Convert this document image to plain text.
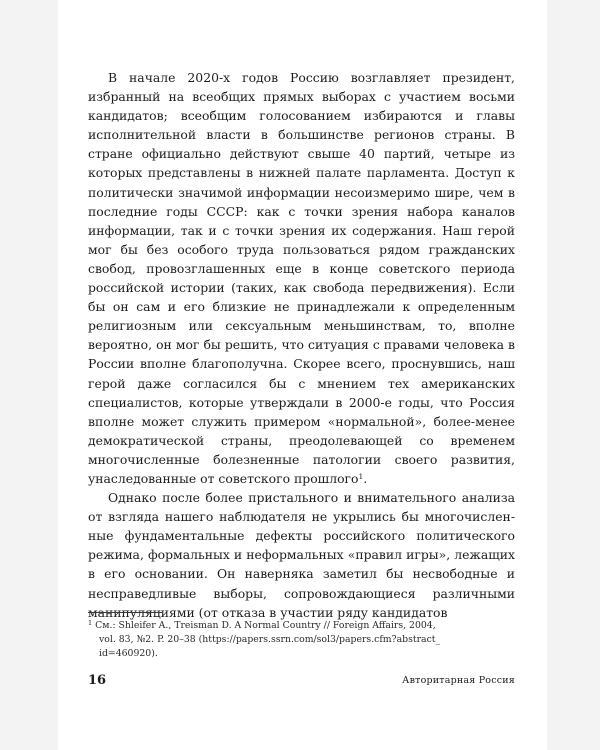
В начале 2020-х годов Россию возглавляет президент, избранный на всеобщих прямых выборах с участием восьми кандидатов; всеобщим голосованием избираются и главы исполнительной власти в большинстве регионов страны. В стране официально действуют свыше 40 партий, четыре из которых представлены в нижней палате парламента. Доступ к политически значимой информации несоизмеримо шире, чем в последние годы СССР: как с точки зрения набора каналов информации, так и с точки зрения их содержания. Наш герой мог бы без особого труда пользоваться рядом гражданских свобод, провозглашенных еще в конце советского периода российской истории (таких, как свобода передвижения). Если бы он сам и его близкие не принадлежали к определенным религиозным или сексуальным меньшинствам, то, вполне вероятно, он мог бы решить, что ситуация с правами человека в России вполне благополучна. Скорее всего, проснувшись, наш герой даже согласился бы с мнением тех американских специалистов, которые утверждали в 2000-е годы, что Россия вполне может служить примером «нормальной», более-менее демократической страны, преодолевающей со временем многочисленные болезненные патологии своего развития, унаследованные от советского прошлого$^1$.

Однако после более пристального и внимательного анализа от взгляда нашего наблюдателя не укрылись бы многочисленные фундаментальные дефекты российского политического режима, формальных и неформальных «правил игры», лежащих в его основании. Он наверняка заметил бы несвободные и несправедливые выборы, сопровождающиеся различными манипуляциями (от отказа в участии ряду кандидатов

$^1$ См.: Shleifer A., Treisman D. A Normal Country // Foreign Affairs, 2004,
vol. 83, №2. P. 20–38 (https://papers.ssrn.com/sol3/papers.cfm?abstract_
id=460920).
16	Авторитарная Россия
